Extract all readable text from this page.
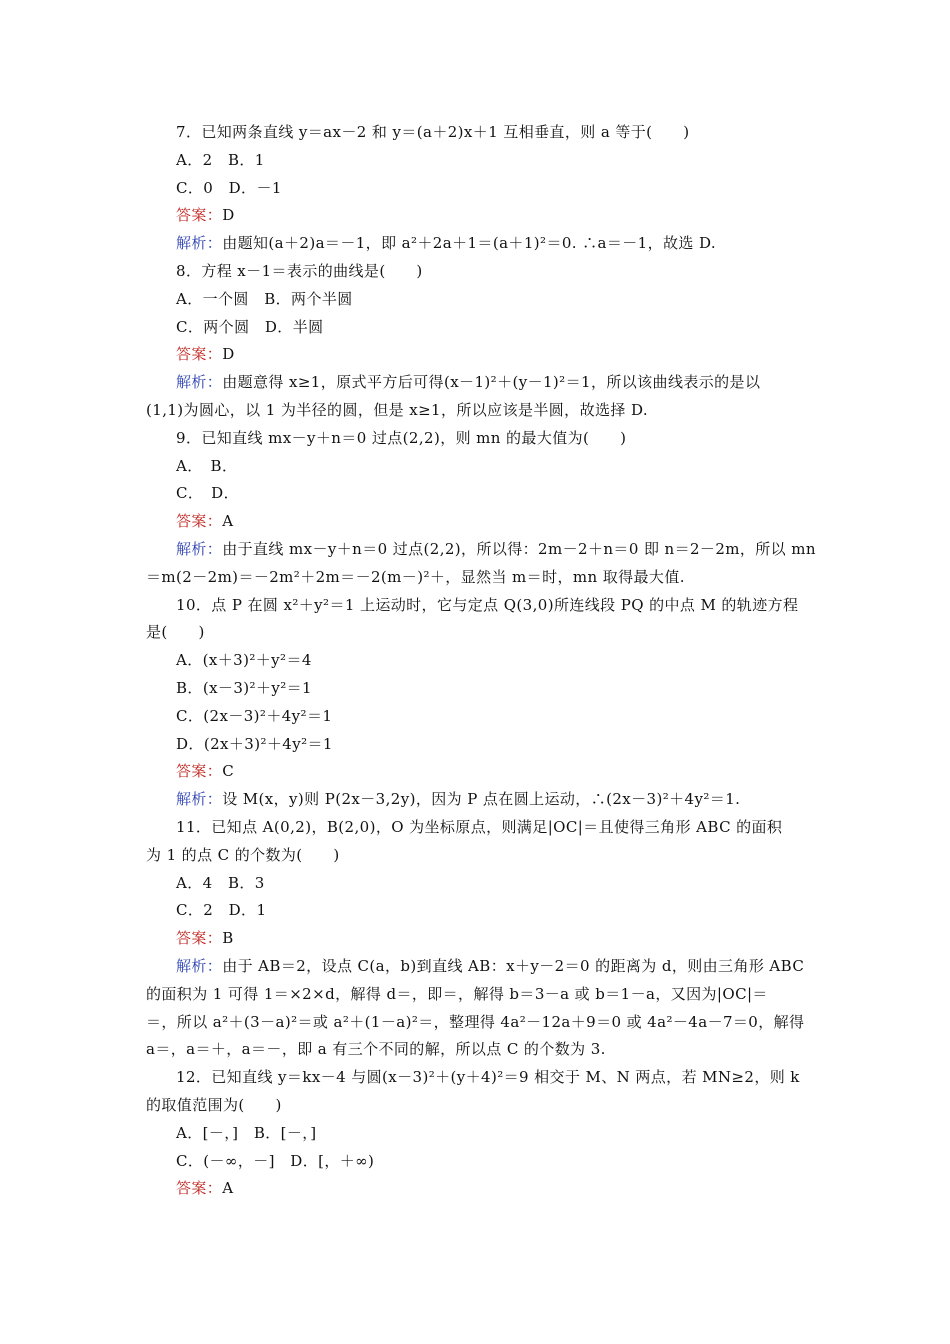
7．已知两条直线 y＝ax－2 和 y＝(a＋2)x＋1 互相垂直，则 a 等于(　　)
A．2　B．1
C．0　D．－1
答案：D
解析：由题知(a＋2)a＝－1，即 a²＋2a＋1＝(a＋1)²＝0. ∴a＝－1，故选 D.
8．方程 x－1＝表示的曲线是(　　)
A．一个圆　B．两个半圆
C．两个圆　D．半圆
答案：D
解析：由题意得 x≥1，原式平方后可得(x－1)²＋(y－1)²＝1，所以该曲线表示的是以
(1,1)为圆心，以 1 为半径的圆，但是 x≥1，所以应该是半圆，故选择 D.
9．已知直线 mx－y＋n＝0 过点(2,2)，则 mn 的最大值为(　　)
A．　B．
C．　D．
答案：A
解析：由于直线 mx－y＋n＝0 过点(2,2)，所以得：2m－2＋n＝0 即 n＝2－2m，所以 mn
＝m(2－2m)＝－2m²＋2m＝－2(m－)²＋，显然当 m＝时，mn 取得最大值.
10．点 P 在圆 x²＋y²＝1 上运动时，它与定点 Q(3,0)所连线段 PQ 的中点 M 的轨迹方程
是(　　)
A．(x＋3)²＋y²＝4
B．(x－3)²＋y²＝1
C．(2x－3)²＋4y²＝1
D．(2x＋3)²＋4y²＝1
答案：C
解析：设 M(x，y)则 P(2x－3,2y)，因为 P 点在圆上运动，∴(2x－3)²＋4y²＝1.
11．已知点 A(0,2)，B(2,0)，O 为坐标原点，则满足|OC|＝且使得三角形 ABC 的面积
为 1 的点 C 的个数为(　　)
A．4　B．3
C．2　D．1
答案：B
解析：由于 AB＝2，设点 C(a，b)到直线 AB：x＋y－2＝0 的距离为 d，则由三角形 ABC
的面积为 1 可得 1＝×2×d，解得 d＝，即＝，解得 b＝3－a 或 b＝1－a，又因为|OC|＝
＝，所以 a²＋(3－a)²＝或 a²＋(1－a)²＝，整理得 4a²－12a＋9＝0 或 4a²－4a－7＝0，解得
a＝，a＝＋，a＝－，即 a 有三个不同的解，所以点 C 的个数为 3.
12．已知直线 y＝kx－4 与圆(x－3)²＋(y＋4)²＝9 相交于 M、N 两点，若 MN≥2，则 k
的取值范围为(　　)
A．[－，]　B．[－，]
C．(－∞，－]　D．[，＋∞)
答案：A
